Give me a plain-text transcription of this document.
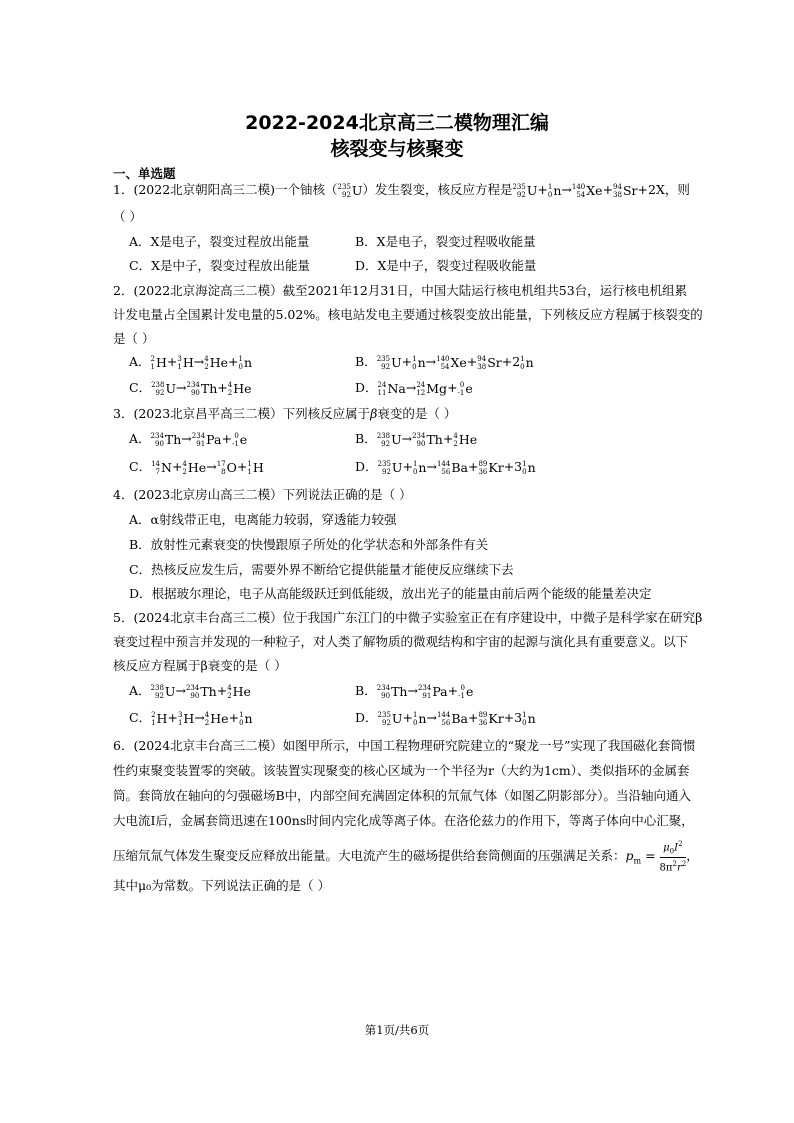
2022-2024北京高三二模物理汇编
核裂变与核聚变
一、单选题
1．(2022北京朝阳高三二模)一个铀核（ 235
92 U）发生裂变，核反应方程是 235
92 U+ 1
0 n→ 140
54 Xe+ 94
38 Sr+2X，则
（ ）
A．X是电子，裂变过程放出能量	B．X是电子，裂变过程吸收能量
C．X是中子，裂变过程放出能量	D．X是中子，裂变过程吸收能量
2．(2022北京海淀高三二模）截至2021年12月31日，中国大陆运行核电机组共53台，运行核电机组累
计发电量占全国累计发电量的5.02%。核电站发电主要通过核裂变放出能量，下列核反应方程属于核裂变的
是（ ）
A． 2
1 H+ 3
1 H→ 4
2 He+ 1
0 n	B． 235
92 U+ 1
0 n→ 140
54 Xe+ 94
38 Sr+2 1
0 n
C． 238
92 U→ 234
90 Th+ 4
2 He	D． 24
11 Na→ 24
12 Mg+ 0
-1 e
3．(2023北京昌平高三二模）下列核反应属于β衰变的是（ ）
A． 234
90 Th→ 234
91 Pa+ 0
-1 e	B． 238
92 U→ 234
90 Th+ 4
2 He
C． 14
7 N+ 4
2 He→ 17
8 O+ 1
1 H	D． 235
92 U+ 1
0 n→ 144
56 Ba+ 89
36 Kr+3 1
0 n
4．(2023北京房山高三二模）下列说法正确的是（ ）
A．α射线带正电，电离能力较弱，穿透能力较强
B．放射性元素衰变的快慢跟原子所处的化学状态和外部条件有关
C．热核反应发生后，需要外界不断给它提供能量才能使反应继续下去
D．根据玻尔理论，电子从高能级跃迁到低能级，放出光子的能量由前后两个能级的能量差决定
5．(2024北京丰台高三二模）位于我国广东江门的中微子实验室正在有序建设中，中微子是科学家在研究β
衰变过程中预言并发现的一种粒子，对人类了解物质的微观结构和宇宙的起源与演化具有重要意义。以下
核反应方程属于β衰变的是（ ）
A． 238
92 U→ 234
90 Th+ 4
2 He	B． 234
90 Th→ 234
91 Pa+ 0
-1 e
C． 2
1 H+ 3
1 H→ 4
2 He+ 1
0 n	D． 235
92 U+ 1
0 n→ 144
56 Ba+ 89
36 Kr+3 1
0 n
6．(2024北京丰台高三二模）如图甲所示，中国工程物理研究院建立的“聚龙一号”实现了我国磁化套筒惯
性约束聚变装置零的突破。该装置实现聚变的核心区域为一个半径为r（大约为1cm）、类似指环的金属套
筒。套筒放在轴向的匀强磁场B中，内部空间充满固定体积的氘氚气体（如图乙阴影部分）。当沿轴向通入
大电流I后，金属套筒迅速在100ns时间内完化成等离子体。在洛伦兹力的作用下，等离子体向中心汇聚，
压缩氘氚气体发生聚变反应释放出能量。大电流产生的磁场提供给套筒侧面的压强满足关系：$p_m = \frac{\mu_0I^2}{8\pi^2r^2}$ ，
其中μ₀为常数。下列说法正确的是（ ）
第1页/共6页
